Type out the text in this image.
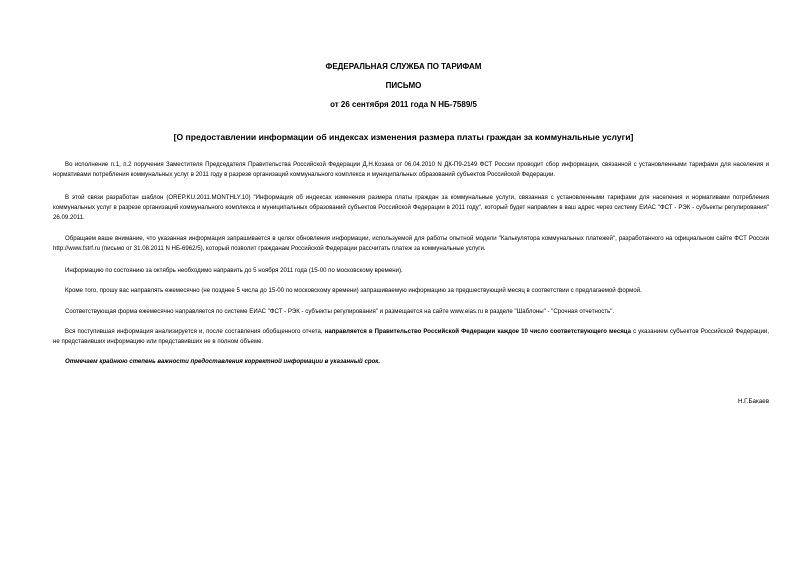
ФЕДЕРАЛЬНАЯ СЛУЖБА ПО ТАРИФАМ
ПИСЬМО
от 26 сентября 2011 года N НБ-7589/5
[О предоставлении информации об индексах изменения размера платы граждан за коммунальные услуги]

Во исполнение п.1, п.2 поручения Заместителя Председателя Правительства Российской Федерации Д.Н.Козака от 06.04.2010 N ДК-П9-2149 ФСТ России проводит сбор информации, связанной с установленными тарифами для населения и нормативами потребления коммунальных услуг в 2011 году в разрезе организаций коммунального комплекса и муниципальных образований субъектов Российской Федерации.

В этой связи разработан шаблон (OREP.KU.2011.MONTHLY.10) "Информация об индексах изменения размера платы граждан за коммунальные услуги, связанная с установленными тарифами для населения и нормативами потребления коммунальных услуг в разрезе организаций коммунального комплекса и муниципальных образований субъектов Российской Федерации в 2011 году", который будет направлен в ваш адрес через систему ЕИАС "ФСТ - РЭК - субъекты регулирования" 26.09.2011.

Обращаем ваше внимание, что указанная информация запрашивается в целях обновления информации, используемой для работы опытной модели "Калькулятора коммунальных платежей", разработанного на официальном сайте ФСТ России http://www.fstrf.ru (письмо от 31.08.2011 N НБ-6962/5), который позволит гражданам Российской Федерации рассчитать платеж за коммунальные услуги.

Информацию по состоянию за октябрь необходимо направить до 5 ноября 2011 года (15-00 по московскому времени).

Кроме того, прошу вас направлять ежемесячно (не позднее 5 числа до 15-00 по московскому времени) запрашиваемую информацию за предшествующий месяц в соответствии с предлагаемой формой.

Соответствующая форма ежемесячно направляется по системе ЕИАС "ФСТ - РЭК - субъекты регулирования" и размещается на сайте www.eias.ru в разделе "Шаблоны" - "Срочная отчетность".

Вся поступившая информация анализируется и, после составления обобщенного отчета, направляется в Правительство Российской Федерации каждое 10 число соответствующего месяца с указанием субъектов Российской Федерации, не представивших информацию или представивших не в полном объеме.

Отмечаем крайнюю степень важности предоставления корректной информации в указанный срок.

Н.Г.Бакаев
